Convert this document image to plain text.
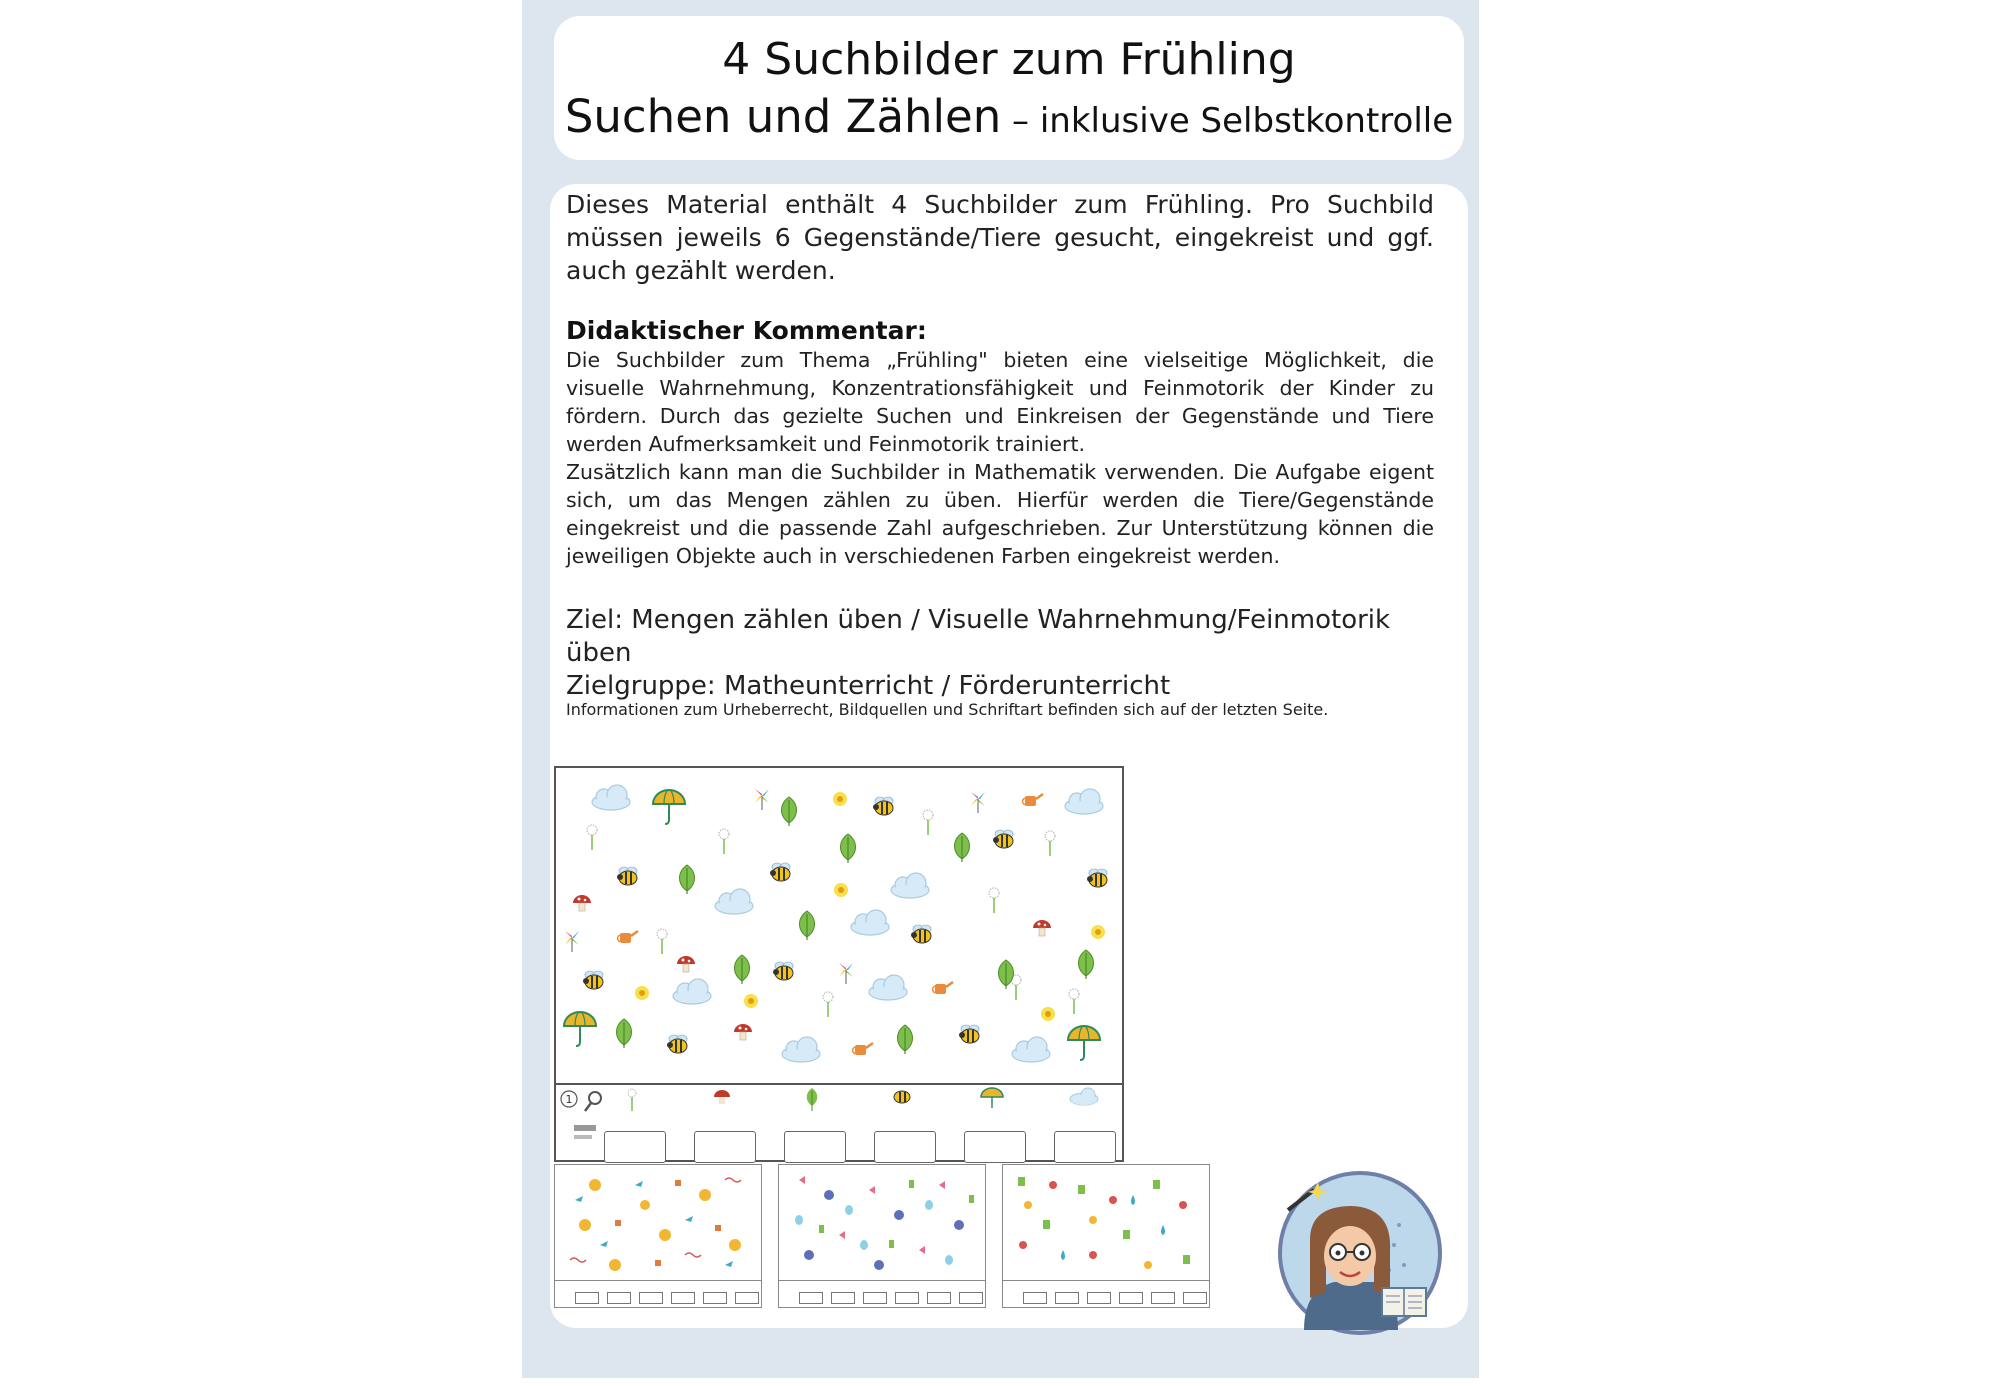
4 Suchbilder zum Frühling
Suchen und Zählen – inklusive Selbstkontrolle
Dieses Material enthält 4 Suchbilder zum Frühling. Pro Suchbild müssen jeweils 6 Gegenstände/Tiere gesucht, eingekreist und ggf. auch gezählt werden.
Didaktischer Kommentar:
Die Suchbilder zum Thema „Frühling" bieten eine vielseitige Möglichkeit, die visuelle Wahrnehmung, Konzentrationsfähigkeit und Feinmotorik der Kinder zu fördern. Durch das gezielte Suchen und Einkreisen der Gegenstände und Tiere werden Aufmerksamkeit und Feinmotorik trainiert.
Zusätzlich kann man die Suchbilder in Mathematik verwenden. Die Aufgabe eigent sich, um das Mengen zählen zu üben. Hierfür werden die Tiere/Gegenstände eingekreist und die passende Zahl aufgeschrieben. Zur Unterstützung können die jeweiligen Objekte auch in verschiedenen Farben eingekreist werden.
Ziel: Mengen zählen üben / Visuelle Wahrnehmung/Feinmotorik üben
Zielgruppe: Matheunterricht / Förderunterricht
Informationen zum Urheberrecht, Bildquellen und Schriftart befinden sich auf der letzten Seite.
1
